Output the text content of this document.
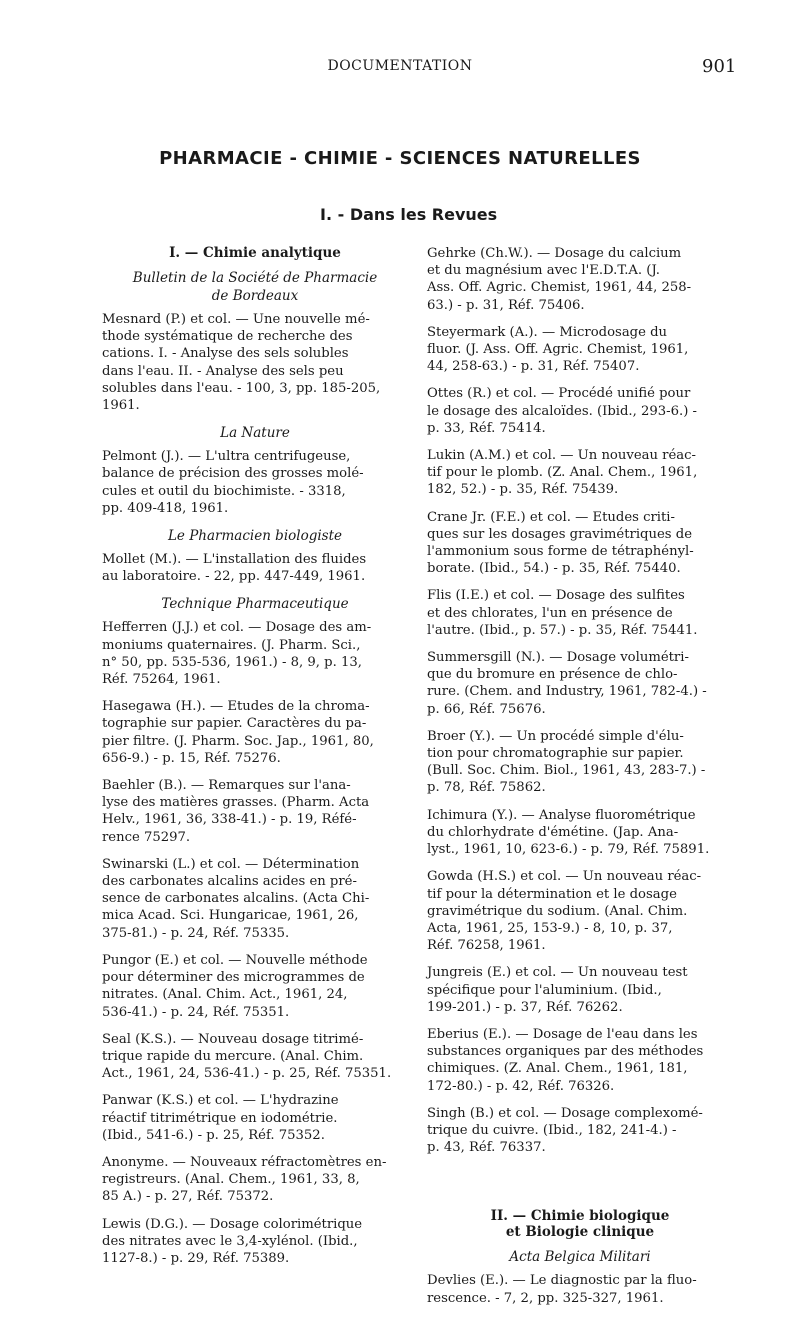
DOCUMENTATION	901
PHARMACIE - CHIMIE - SCIENCES NATURELLES
I. - Dans les Revues
I. — Chimie analytique
Bulletin de la Société de Pharmacie
de Bordeaux
Mesnard (P.) et col. — Une nouvelle mé-
thode systématique de recherche des
cations. I. - Analyse des sels solubles
dans l'eau. II. - Analyse des sels peu
solubles dans l'eau. - 100, 3, pp. 185-205,
1961.
La Nature
Pelmont (J.). — L'ultra centrifugeuse,
balance de précision des grosses molé-
cules et outil du biochimiste. - 3318,
pp. 409-418, 1961.
Le Pharmacien biologiste
Mollet (M.). — L'installation des fluides
au laboratoire. - 22, pp. 447-449, 1961.
Technique Pharmaceutique
Hefferren (J.J.) et col. — Dosage des am-
moniums quaternaires. (J. Pharm. Sci.,
n° 50, pp. 535-536, 1961.) - 8, 9, p. 13,
Réf. 75264, 1961.
Hasegawa (H.). — Etudes de la chroma-
tographie sur papier. Caractères du pa-
pier filtre. (J. Pharm. Soc. Jap., 1961, 80,
656-9.) - p. 15, Réf. 75276.
Baehler (B.). — Remarques sur l'ana-
lyse des matières grasses. (Pharm. Acta
Helv., 1961, 36, 338-41.) - p. 19, Réfé-
rence 75297.
Swinarski (L.) et col. — Détermination
des carbonates alcalins acides en pré-
sence de carbonates alcalins. (Acta Chi-
mica Acad. Sci. Hungaricae, 1961, 26,
375-81.) - p. 24, Réf. 75335.
Pungor (E.) et col. — Nouvelle méthode
pour déterminer des microgrammes de
nitrates. (Anal. Chim. Act., 1961, 24,
536-41.) - p. 24, Réf. 75351.
Seal (K.S.). — Nouveau dosage titrimé-
trique rapide du mercure. (Anal. Chim.
Act., 1961, 24, 536-41.) - p. 25, Réf. 75351.
Panwar (K.S.) et col. — L'hydrazine
réactif titrimétrique en iodométrie.
(Ibid., 541-6.) - p. 25, Réf. 75352.
Anonyme. — Nouveaux réfractomètres en-
registreurs. (Anal. Chem., 1961, 33, 8,
85 A.) - p. 27, Réf. 75372.
Lewis (D.G.). — Dosage colorimétrique
des nitrates avec le 3,4-xylénol. (Ibid.,
1127-8.) - p. 29, Réf. 75389.
Gehrke (Ch.W.). — Dosage du calcium
et du magnésium avec l'E.D.T.A. (J.
Ass. Off. Agric. Chemist, 1961, 44, 258-
63.) - p. 31, Réf. 75406.
Steyermark (A.). — Microdosage du
fluor. (J. Ass. Off. Agric. Chemist, 1961,
44, 258-63.) - p. 31, Réf. 75407.
Ottes (R.) et col. — Procédé unifié pour
le dosage des alcaloïdes. (Ibid., 293-6.) -
p. 33, Réf. 75414.
Lukin (A.M.) et col. — Un nouveau réac-
tif pour le plomb. (Z. Anal. Chem., 1961,
182, 52.) - p. 35, Réf. 75439.
Crane Jr. (F.E.) et col. — Etudes criti-
ques sur les dosages gravimétriques de
l'ammonium sous forme de tétraphényl-
borate. (Ibid., 54.) - p. 35, Réf. 75440.
Flis (I.E.) et col. — Dosage des sulfites
et des chlorates, l'un en présence de
l'autre. (Ibid., p. 57.) - p. 35, Réf. 75441.
Summersgill (N.). — Dosage volumétri-
que du bromure en présence de chlo-
rure. (Chem. and Industry, 1961, 782-4.) -
p. 66, Réf. 75676.
Broer (Y.). — Un procédé simple d'élu-
tion pour chromatographie sur papier.
(Bull. Soc. Chim. Biol., 1961, 43, 283-7.) -
p. 78, Réf. 75862.
Ichimura (Y.). — Analyse fluorométrique
du chlorhydrate d'émétine. (Jap. Ana-
lyst., 1961, 10, 623-6.) - p. 79, Réf. 75891.
Gowda (H.S.) et col. — Un nouveau réac-
tif pour la détermination et le dosage
gravimétrique du sodium. (Anal. Chim.
Acta, 1961, 25, 153-9.) - 8, 10, p. 37,
Réf. 76258, 1961.
Jungreis (E.) et col. — Un nouveau test
spécifique pour l'aluminium. (Ibid.,
199-201.) - p. 37, Réf. 76262.
Eberius (E.). — Dosage de l'eau dans les
substances organiques par des méthodes
chimiques. (Z. Anal. Chem., 1961, 181,
172-80.) - p. 42, Réf. 76326.
Singh (B.) et col. — Dosage complexomé-
trique du cuivre. (Ibid., 182, 241-4.) -
p. 43, Réf. 76337.
II. — Chimie biologique
et Biologie clinique
Acta Belgica Militari
Devlies (E.). — Le diagnostic par la fluo-
rescence. - 7, 2, pp. 325-327, 1961.
